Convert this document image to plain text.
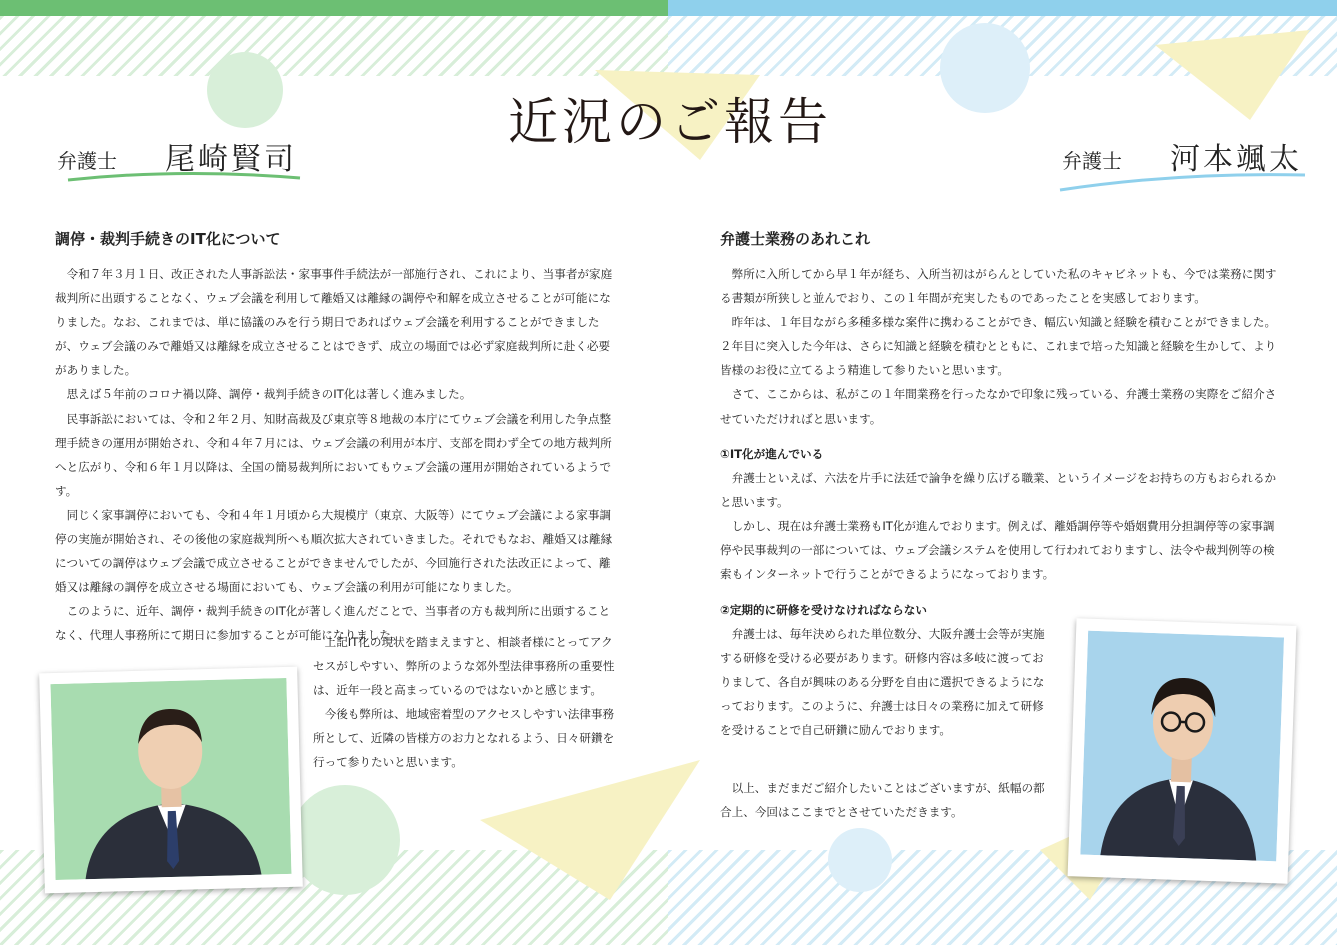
近況のご報告
弁護士 尾崎賢司	弁護士 河本颯太
調停・裁判手続きのIT化について
　令和７年３月１日、改正された人事訴訟法・家事事件手続法が一部施行され、これにより、当事者が家庭裁判所に出頭することなく、ウェブ会議を利用して離婚又は離縁の調停や和解を成立させることが可能になりました。なお、これまでは、単に協議のみを行う期日であればウェブ会議を利用することができましたが、ウェブ会議のみで離婚又は離縁を成立させることはできず、成立の場面では必ず家庭裁判所に赴く必要がありました。
　思えば５年前のコロナ禍以降、調停・裁判手続きのIT化は著しく進みました。
　民事訴訟においては、令和２年２月、知財高裁及び東京等８地裁の本庁にてウェブ会議を利用した争点整理手続きの運用が開始され、令和４年７月には、ウェブ会議の利用が本庁、支部を問わず全ての地方裁判所へと広がり、令和６年１月以降は、全国の簡易裁判所においてもウェブ会議の運用が開始されているようです。
　同じく家事調停においても、令和４年１月頃から大規模庁（東京、大阪等）にてウェブ会議による家事調停の実施が開始され、その後他の家庭裁判所へも順次拡大されていきました。それでもなお、離婚又は離縁についての調停はウェブ会議で成立させることができませんでしたが、今回施行された法改正によって、離婚又は離縁の調停を成立させる場面においても、ウェブ会議の利用が可能になりました。
　このように、近年、調停・裁判手続きのIT化が著しく進んだことで、当事者の方も裁判所に出頭することなく、代理人事務所にて期日に参加することが可能になりました。
　上記IT化の現状を踏まえますと、相談者様にとってアクセスがしやすい、弊所のような郊外型法律事務所の重要性は、近年一段と高まっているのではないかと感じます。
　今後も弊所は、地域密着型のアクセスしやすい法律事務所として、近隣の皆様方のお力となれるよう、日々研鑽を行って参りたいと思います。
弁護士業務のあれこれ
　弊所に入所してから早１年が経ち、入所当初はがらんとしていた私のキャビネットも、今では業務に関する書類が所狭しと並んでおり、この１年間が充実したものであったことを実感しております。
　昨年は、１年目ながら多種多様な案件に携わることができ、幅広い知識と経験を積むことができました。２年目に突入した今年は、さらに知識と経験を積むとともに、これまで培った知識と経験を生かして、より皆様のお役に立てるよう精進して参りたいと思います。
　さて、ここからは、私がこの１年間業務を行ったなかで印象に残っている、弁護士業務の実際をご紹介させていただければと思います。
①IT化が進んでいる
　弁護士といえば、六法を片手に法廷で論争を繰り広げる職業、というイメージをお持ちの方もおられるかと思います。
　しかし、現在は弁護士業務もIT化が進んでおります。例えば、離婚調停等や婚姻費用分担調停等の家事調停や民事裁判の一部については、ウェブ会議システムを使用して行われておりますし、法令や裁判例等の検索もインターネットで行うことができるようになっております。
②定期的に研修を受けなければならない
　弁護士は、毎年決められた単位数分、大阪弁護士会等が実施する研修を受ける必要があります。研修内容は多岐に渡っておりまして、各自が興味のある分野を自由に選択できるようになっております。このように、弁護士は日々の業務に加えて研修を受けることで自己研鑽に励んでおります。
　以上、まだまだご紹介したいことはございますが、紙幅の都合上、今回はここまでとさせていただきます。
